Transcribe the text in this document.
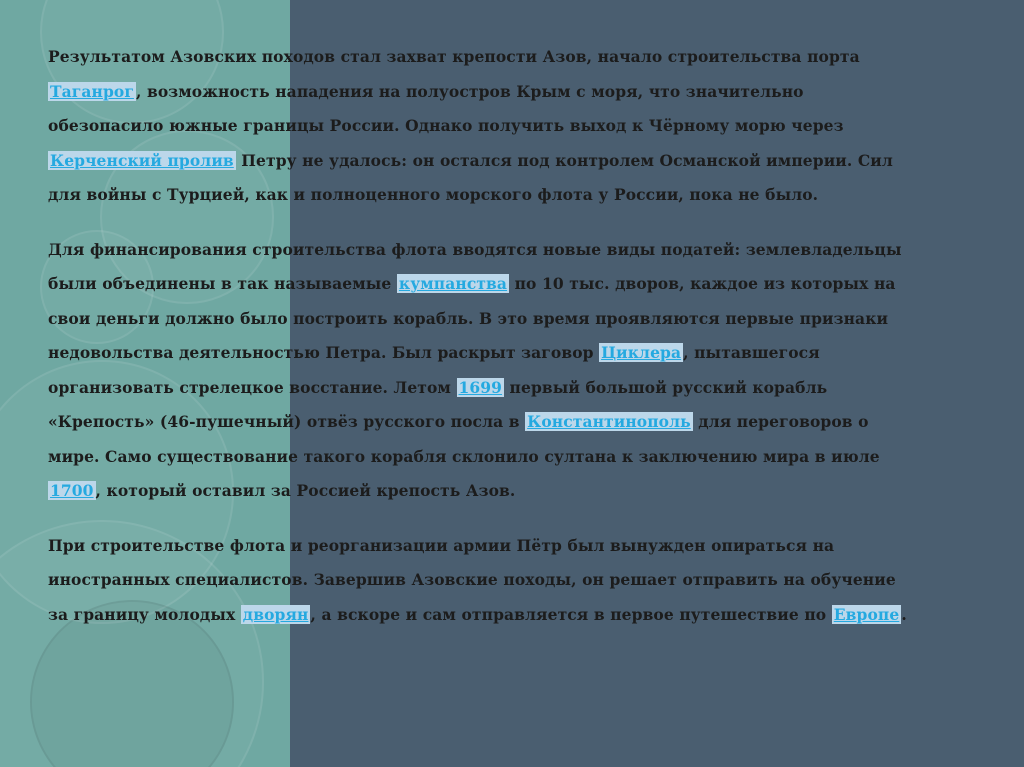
Результатом Азовских походов стал захват крепости Азов, начало строительства порта Таганрог , возможность нападения на полуостров Крым с моря, что значительно обезопасило южные границы России. Однако получить выход к Чёрному морю через Керченский пролив Петру не удалось: он остался под контролем Османской империи. Сил для войны с Турцией, как и полноценного морского флота у России, пока не было.

Для финансирования строительства флота вводятся новые виды податей: землевладельцы были объединены в так называемые кумпанства по 10 тыс. дворов, каждое из которых на свои деньги должно было построить корабль. В это время проявляются первые признаки недовольства деятельностью Петра. Был раскрыт заговор Циклера , пытавшегося организовать стрелецкое восстание. Летом 1699 первый большой русский корабль «Крепость» (46-пушечный) отвёз русского посла в Константинополь для переговоров о мире. Само существование такого корабля склонило султана к заключению мира в июле 1700 , который оставил за Россией крепость Азов.

При строительстве флота и реорганизации армии Пётр был вынужден опираться на иностранных специалистов. Завершив Азовские походы, он решает отправить на обучение за границу молодых дворян , а вскоре и сам отправляется в первое путешествие по Европе .
